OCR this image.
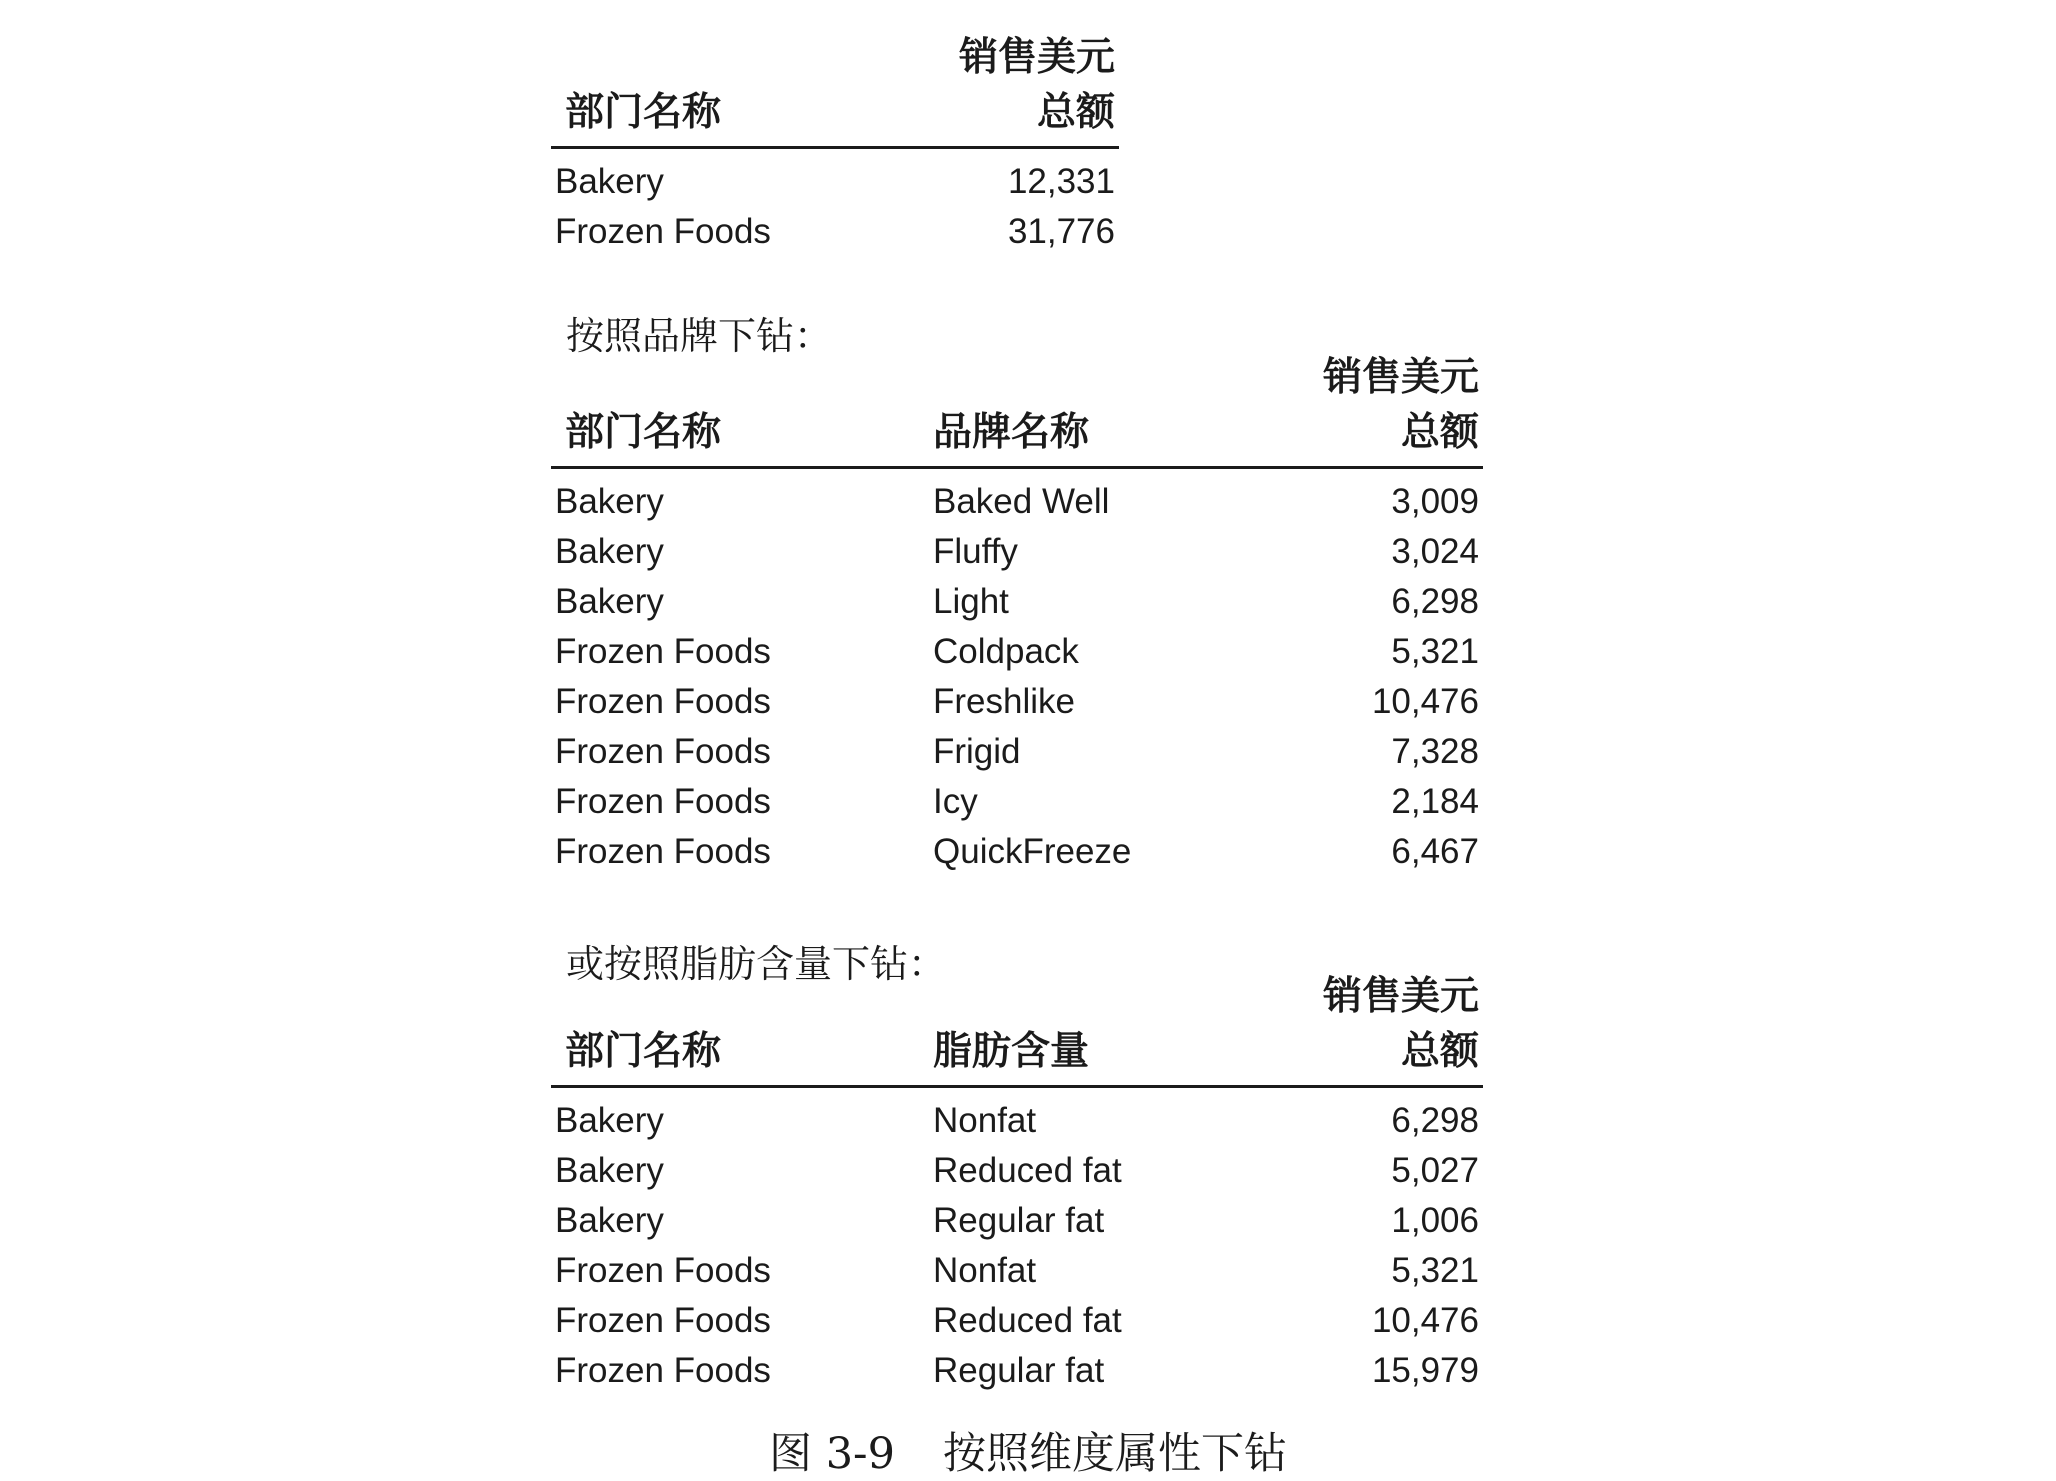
部门名称	销售美元
总额

Bakery	12,331
Frozen Foods	31,776
按照品牌下钻：
部门名称	品牌名称	销售美元
总额

Bakery	Baked Well	3,009
Bakery	Fluffy	3,024
Bakery	Light	6,298
Frozen Foods	Coldpack	5,321
Frozen Foods	Freshlike	10,476
Frozen Foods	Frigid	7,328
Frozen Foods	Icy	2,184
Frozen Foods	QuickFreeze	6,467
或按照脂肪含量下钻：
部门名称	脂肪含量	销售美元
总额

Bakery	Nonfat	6,298
Bakery	Reduced fat	5,027
Bakery	Regular fat	1,006
Frozen Foods	Nonfat	5,321
Frozen Foods	Reduced fat	10,476
Frozen Foods	Regular fat	15,979
图 3-9 按照维度属性下钻
